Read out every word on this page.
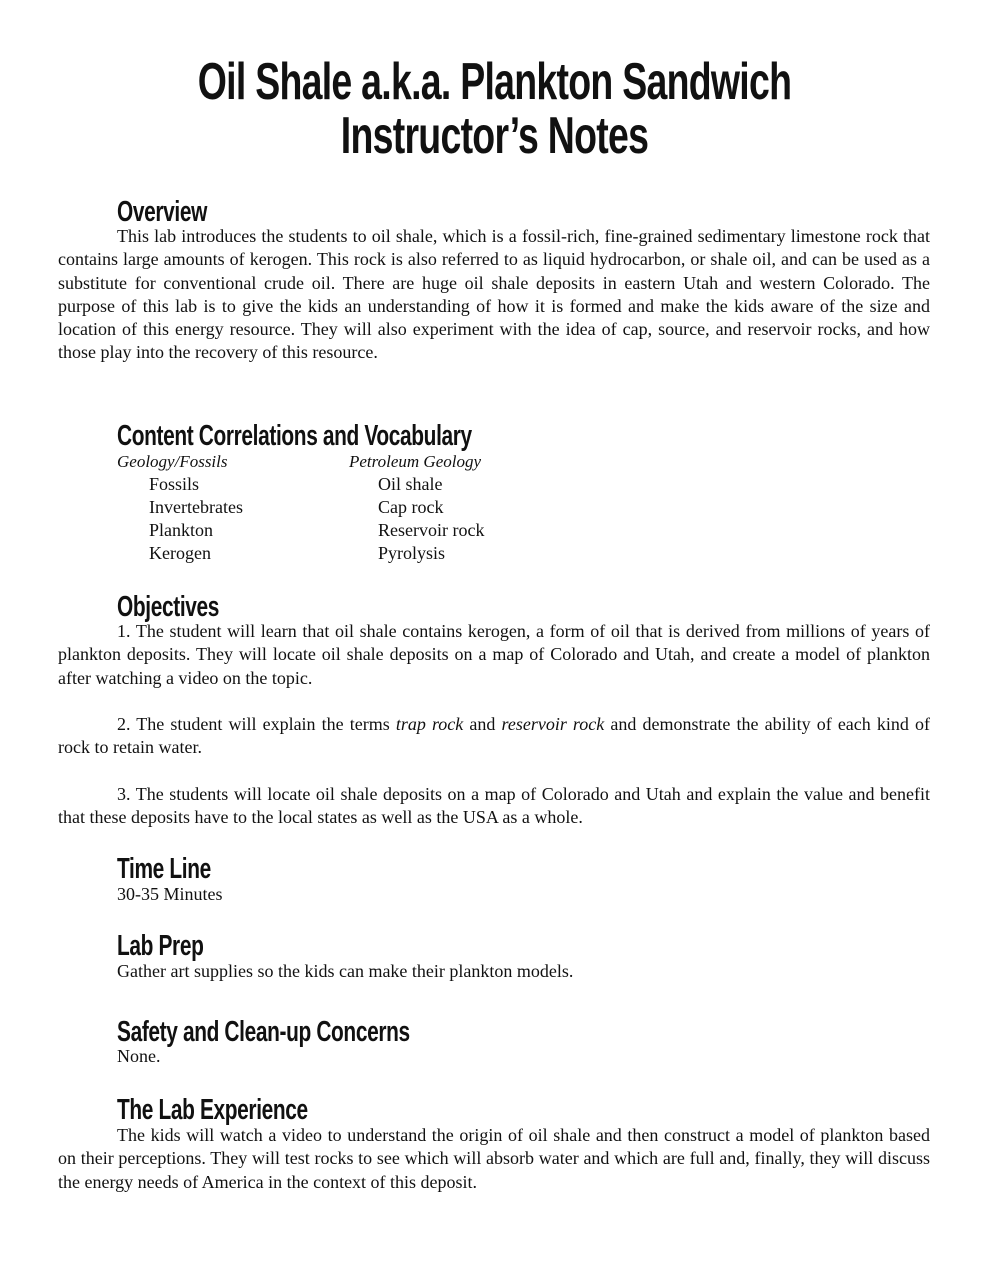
Oil Shale a.k.a. Plankton Sandwich
Instructor’s Notes
Overview

This lab introduces the students to oil shale, which is a fossil-rich, fine-grained sedimentary limestone rock that contains large amounts of kerogen. This rock is also referred to as liquid hydrocarbon, or shale oil, and can be used as a substitute for conventional crude oil. There are huge oil shale deposits in eastern Utah and western Colorado. The purpose of this lab is to give the kids an understanding of how it is formed and make the kids aware of the size and location of this energy resource. They will also experiment with the idea of cap, source, and reservoir rocks, and how those play into the recovery of this resource.

Content Correlations and Vocabulary

Geology/Fossils

Fossils

Invertebrates

Plankton

Kerogen

Petroleum Geology

Oil shale

Cap rock

Reservoir rock

Pyrolysis

Objectives

1. The student will learn that oil shale contains kerogen, a form of oil that is derived from millions of years of plankton deposits. They will locate oil shale deposits on a map of Colorado and Utah, and create a model of plankton after watching a video on the topic.

2. The student will explain the terms trap rock and reservoir rock and demonstrate the ability of each kind of rock to retain water.

3. The students will locate oil shale deposits on a map of Colorado and Utah and explain the value and benefit that these deposits have to the local states as well as the USA as a whole.

Time Line

30-35 Minutes

Lab Prep

Gather art supplies so the kids can make their plankton models.

Safety and Clean-up Concerns

None.

The Lab Experience

The kids will watch a video to understand the origin of oil shale and then construct a model of plankton based on their perceptions. They will test rocks to see which will absorb water and which are full and, finally, they will discuss the energy needs of America in the context of this deposit.
